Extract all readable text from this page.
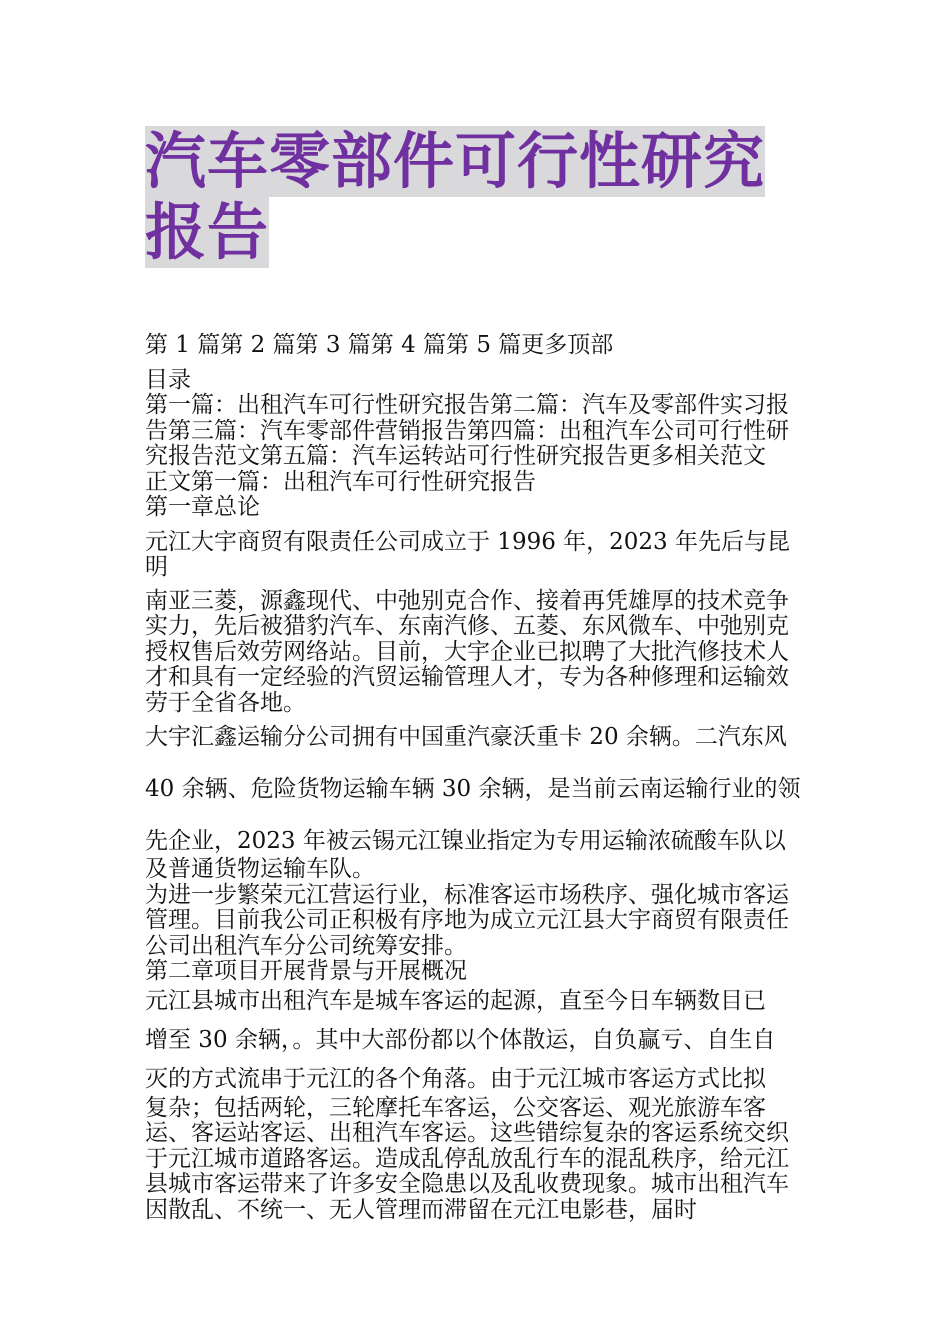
汽车零部件可行性研究报告

第 1 篇第 2 篇第 3 篇第 4 篇第 5 篇更多顶部

目录

第一篇：出租汽车可行性研究报告第二篇：汽车及零部件实习报告第三篇：汽车零部件营销报告第四篇：出租汽车公司可行性研究报告范文第五篇：汽车运转站可行性研究报告更多相关范文

正文第一篇：出租汽车可行性研究报告

第一章总论

元江大宇商贸有限责任公司成立于 1996 年，2023 年先后与昆明

南亚三菱，源鑫现代、中弛别克合作、接着再凭雄厚的技术竞争实力，先后被猎豹汽车、东南汽修、五菱、东风微车、中弛别克授权售后效劳网络站。目前，大宇企业已拟聘了大批汽修技术人才和具有一定经验的汽贸运输管理人才，专为各种修理和运输效劳于全省各地。

大宇汇鑫运输分公司拥有中国重汽豪沃重卡 20 余辆。二汽东风

40 余辆、危险货物运输车辆 30 余辆，是当前云南运输行业的领

先企业，2023 年被云锡元江镍业指定为专用运输浓硫酸车队以

及普通货物运输车队。

为进一步繁荣元江营运行业，标准客运市场秩序、强化城市客运管理。目前我公司正积极有序地为成立元江县大宇商贸有限责任公司出租汽车分公司统筹安排。

第二章项目开展背景与开展概况

元江县城市出租汽车是城车客运的起源，直至今日车辆数目已

增至 30 余辆，。其中大部份都以个体散运，自负赢亏、自生自

灭的方式流串于元江的各个角落。由于元江城市客运方式比拟

复杂；包括两轮，三轮摩托车客运，公交客运、观光旅游车客运、客运站客运、出租汽车客运。这些错综复杂的客运系统交织于元江城市道路客运。造成乱停乱放乱行车的混乱秩序，给元江县城市客运带来了许多安全隐患以及乱收费现象。城市出租汽车因散乱、不统一、无人管理而滞留在元江电影巷，届时
